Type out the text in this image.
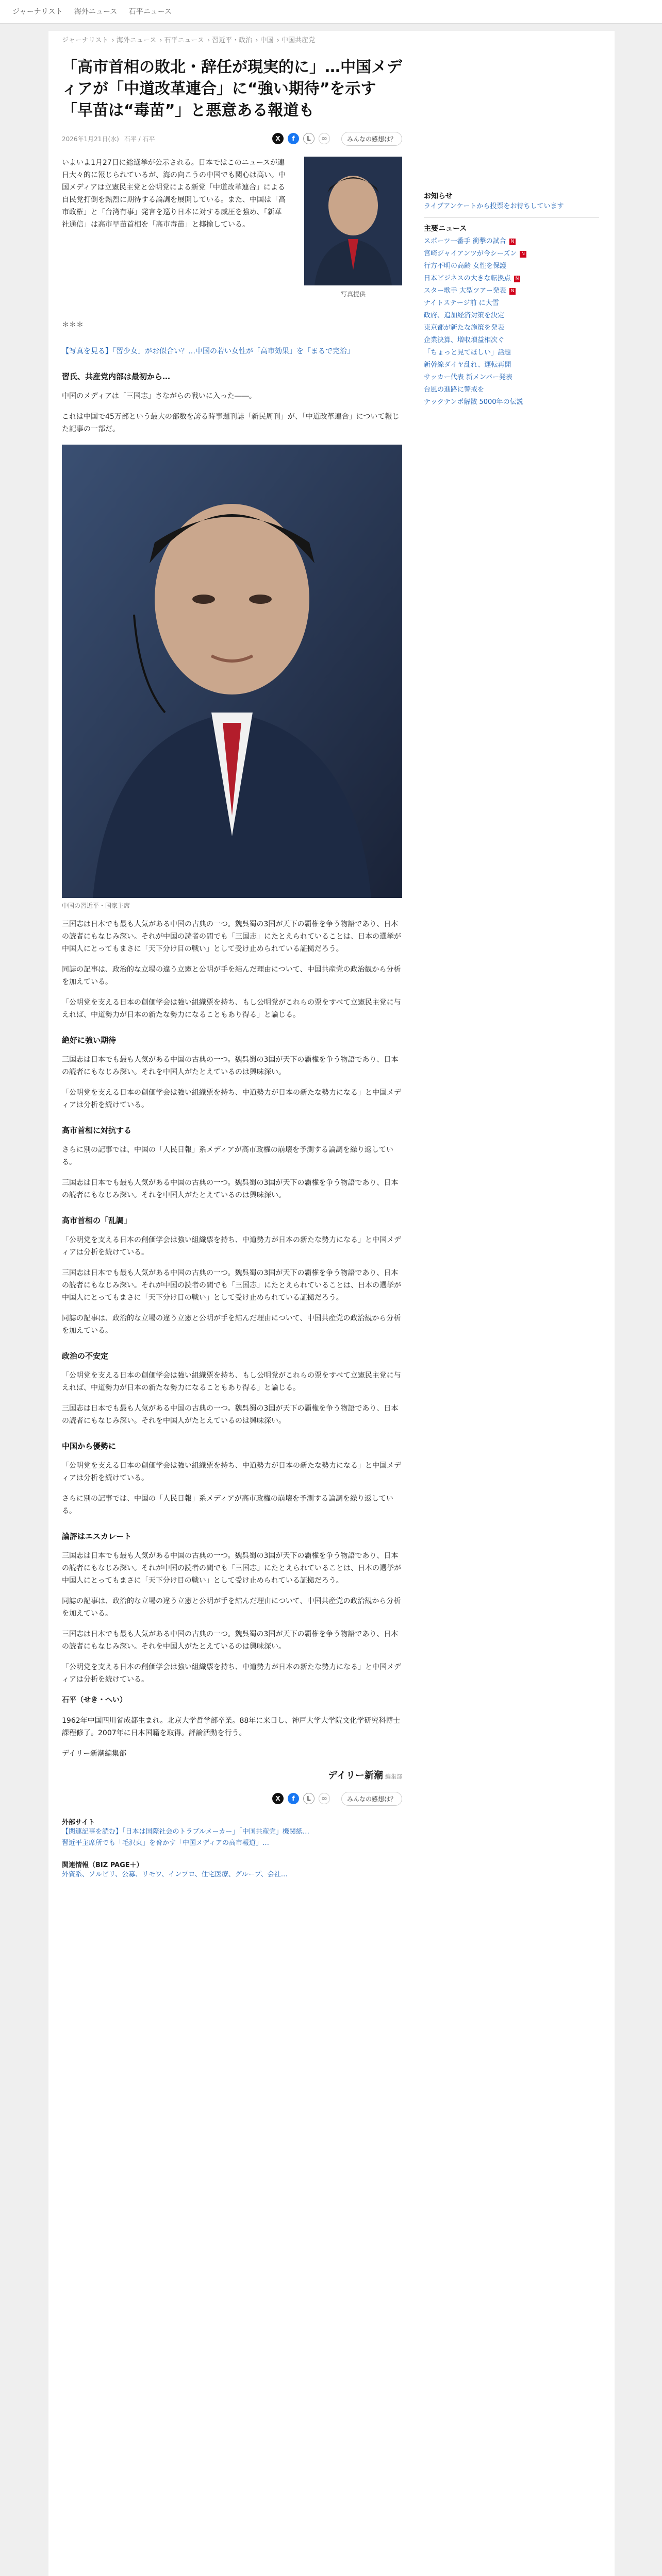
ジャーナリスト 海外ニュース 石平ニュース
ジャーナリスト › 海外ニュース › 石平ニュース › 習近平・政治 › 中国 › 中国共産党
「高市首相の敗北・辞任が現実的に」…中国メディアが「中道改革連合」に“強い期待”を示す「早苗は“毒苗”」と悪意ある報道も
2026年1月21日(水) 石平 / 石平	X	f	L	∞	みんなの感想は？
いよいよ1月27日に総選挙が公示される。日本ではこのニュースが連日大々的に報じられているが、海の向こうの中国でも関心は高い。中国メディアは立憲民主党と公明党による新党「中道改革連合」による自民党打倒を熱烈に期待する論調を展開している。また、中国は「高市政権」と「台湾有事」発言を巡り日本に対する威圧を強め、「新華社通信」は高市早苗首相を「高市毒苗」と揶揄している。
写真提供
＊＊＊

【写真を見る】「習少女」がお似合い？…中国の若い女性が「高市効果」を「まるで完治」

習氏、共産党内部は最初から…

中国のメディアは「三国志」さながらの戦いに入った――。

これは中国で45万部という最大の部数を誇る時事週刊誌「新民周刊」が、「中道改革連合」について報じた記事の一部だ。

中国の習近平・国家主席

三国志は日本でも最も人気がある中国の古典の一つ。魏呉蜀の3国が天下の覇権を争う物語であり、日本の読者にもなじみ深い。それが中国の読者の間でも「三国志」にたとえられていることは、日本の選挙が中国人にとってもまさに「天下分け目の戦い」として受け止められている証拠だろう。

同誌の記事は、政治的な立場の違う立憲と公明が手を結んだ理由について、中国共産党の政治観から分析を加えている。

「公明党を支える日本の創価学会は強い組織票を持ち、もし公明党がこれらの票をすべて立憲民主党に与えれば、中道勢力が日本の新たな勢力になることもあり得る」と論じる。

絶好に強い期待

三国志は日本でも最も人気がある中国の古典の一つ。魏呉蜀の3国が天下の覇権を争う物語であり、日本の読者にもなじみ深い。それを中国人がたとえているのは興味深い。

「公明党を支える日本の創価学会は強い組織票を持ち、中道勢力が日本の新たな勢力になる」と中国メディアは分析を続けている。

高市首相に対抗する

さらに別の記事では、中国の「人民日報」系メディアが高市政権の崩壊を予測する論調を繰り返している。

三国志は日本でも最も人気がある中国の古典の一つ。魏呉蜀の3国が天下の覇権を争う物語であり、日本の読者にもなじみ深い。それを中国人がたとえているのは興味深い。

高市首相の「乱調」

「公明党を支える日本の創価学会は強い組織票を持ち、中道勢力が日本の新たな勢力になる」と中国メディアは分析を続けている。

三国志は日本でも最も人気がある中国の古典の一つ。魏呉蜀の3国が天下の覇権を争う物語であり、日本の読者にもなじみ深い。それが中国の読者の間でも「三国志」にたとえられていることは、日本の選挙が中国人にとってもまさに「天下分け目の戦い」として受け止められている証拠だろう。

同誌の記事は、政治的な立場の違う立憲と公明が手を結んだ理由について、中国共産党の政治観から分析を加えている。

政治の不安定

「公明党を支える日本の創価学会は強い組織票を持ち、もし公明党がこれらの票をすべて立憲民主党に与えれば、中道勢力が日本の新たな勢力になることもあり得る」と論じる。

三国志は日本でも最も人気がある中国の古典の一つ。魏呉蜀の3国が天下の覇権を争う物語であり、日本の読者にもなじみ深い。それを中国人がたとえているのは興味深い。

中国から優勢に

「公明党を支える日本の創価学会は強い組織票を持ち、中道勢力が日本の新たな勢力になる」と中国メディアは分析を続けている。

さらに別の記事では、中国の「人民日報」系メディアが高市政権の崩壊を予測する論調を繰り返している。

論評はエスカレート

三国志は日本でも最も人気がある中国の古典の一つ。魏呉蜀の3国が天下の覇権を争う物語であり、日本の読者にもなじみ深い。それが中国の読者の間でも「三国志」にたとえられていることは、日本の選挙が中国人にとってもまさに「天下分け目の戦い」として受け止められている証拠だろう。

同誌の記事は、政治的な立場の違う立憲と公明が手を結んだ理由について、中国共産党の政治観から分析を加えている。

三国志は日本でも最も人気がある中国の古典の一つ。魏呉蜀の3国が天下の覇権を争う物語であり、日本の読者にもなじみ深い。それを中国人がたとえているのは興味深い。

「公明党を支える日本の創価学会は強い組織票を持ち、中道勢力が日本の新たな勢力になる」と中国メディアは分析を続けている。

石平（せき・へい）

1962年中国四川省成都生まれ。北京大学哲学部卒業。88年に来日し、神戸大学大学院文化学研究科博士課程修了。2007年に日本国籍を取得。評論活動を行う。

デイリー新潮編集部

デイリー新潮 編集部
X	f	L	∞	みんなの感想は？
外部サイト
【関連記事を読む】「日本は国際社会のトラブルメーカー」「中国共産党」機関紙…
習近平主席所でも「毛沢東」を脅かす「中国メディアの高市報道」…
関連情報（BIZ PAGE＋）
外資系、ソルビリ、公募、リモワ、インプロ、住宅医療、グループ、会社…
お知らせ
ライブアンケートから投票をお待ちしています
主要ニュース
スポーツ一番手 衝撃の試合	N
宮崎ジャイアンツが今シーズン	N
行方不明の高齢 女性を保護
日本ビジネスの大きな転換点	N
スター歌手 大型ツアー発表	N
ナイトステージ前 に大雪
政府、追加経済対策を決定
東京都が新たな施策を発表
企業決算、増収増益相次ぐ
「ちょっと見てほしい」話題
新幹線ダイヤ乱れ、運転再開
サッカー代表 新メンバー発表
台風の進路に警戒を
テックテンポ解散 5000年の伝説
